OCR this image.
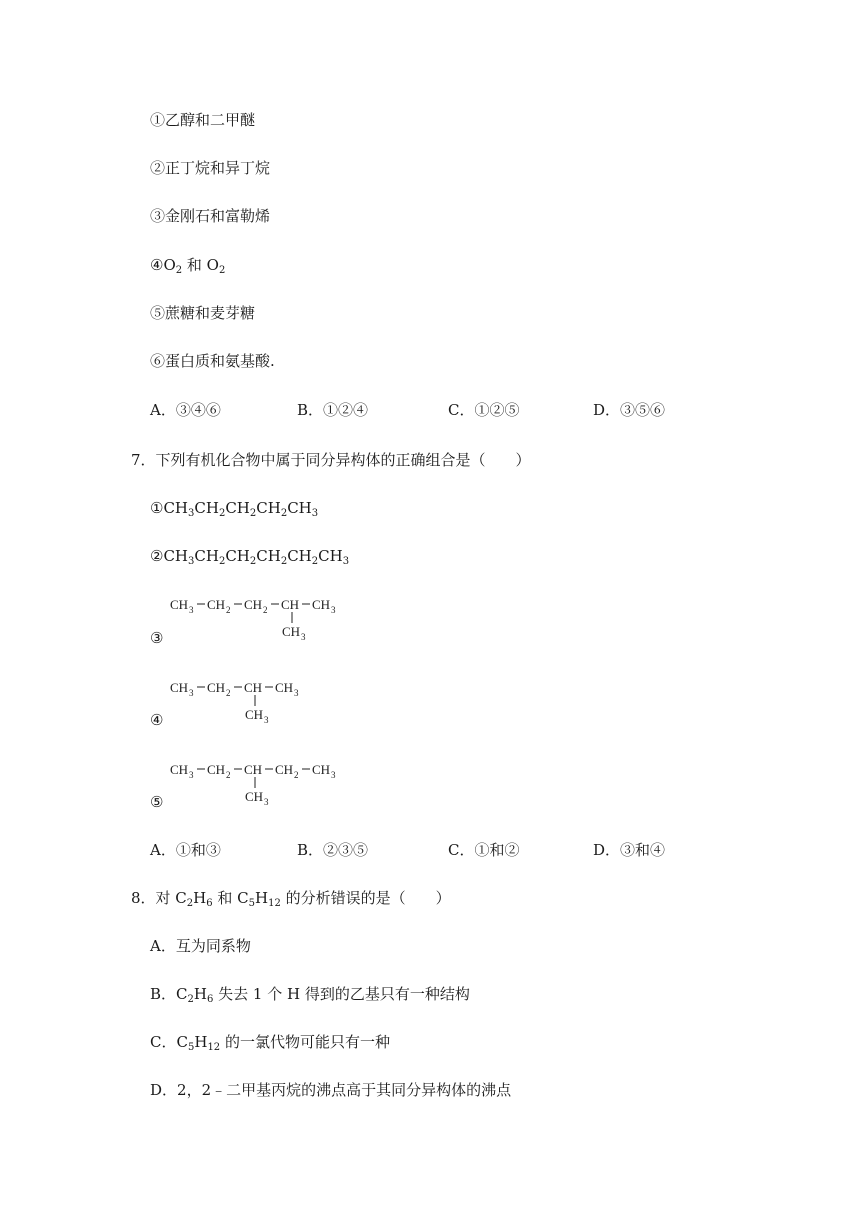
①乙醇和二甲醚
②正丁烷和异丁烷
③金刚石和富勒烯
$④O_2$ 和 $O_2$
⑤蔗糖和麦芽糖
⑥蛋白质和氨基酸.
A．③④⑥	B．①②④	C．①②⑤	D．③⑤⑥
7．下列有机化合物中属于同分异构体的正确组合是（　　）
$①CH_3CH_2CH_2CH_2CH_3$
$②CH_3CH_2CH_2CH_2CH_2CH_3$
CH 3 CH 2 CH 2 CH CH 3
CH 3
③
CH 3 CH 2 CH CH 3
CH 3
④
CH 3 CH 2 CH CH 2 CH 3
CH 3
⑤
A．①和③	B．②③⑤	C．①和②	D．③和④
8．对 $C_2H_6$ 和 $C_5H_{12}$ 的分析错误的是（　　）
A．互为同系物
B．$C_2H_6$ 失去 1 个 H 得到的乙基只有一种结构
C．$C_5H_{12}$ 的一氯代物可能只有一种
D．2，2﹣二甲基丙烷的沸点高于其同分异构体的沸点
